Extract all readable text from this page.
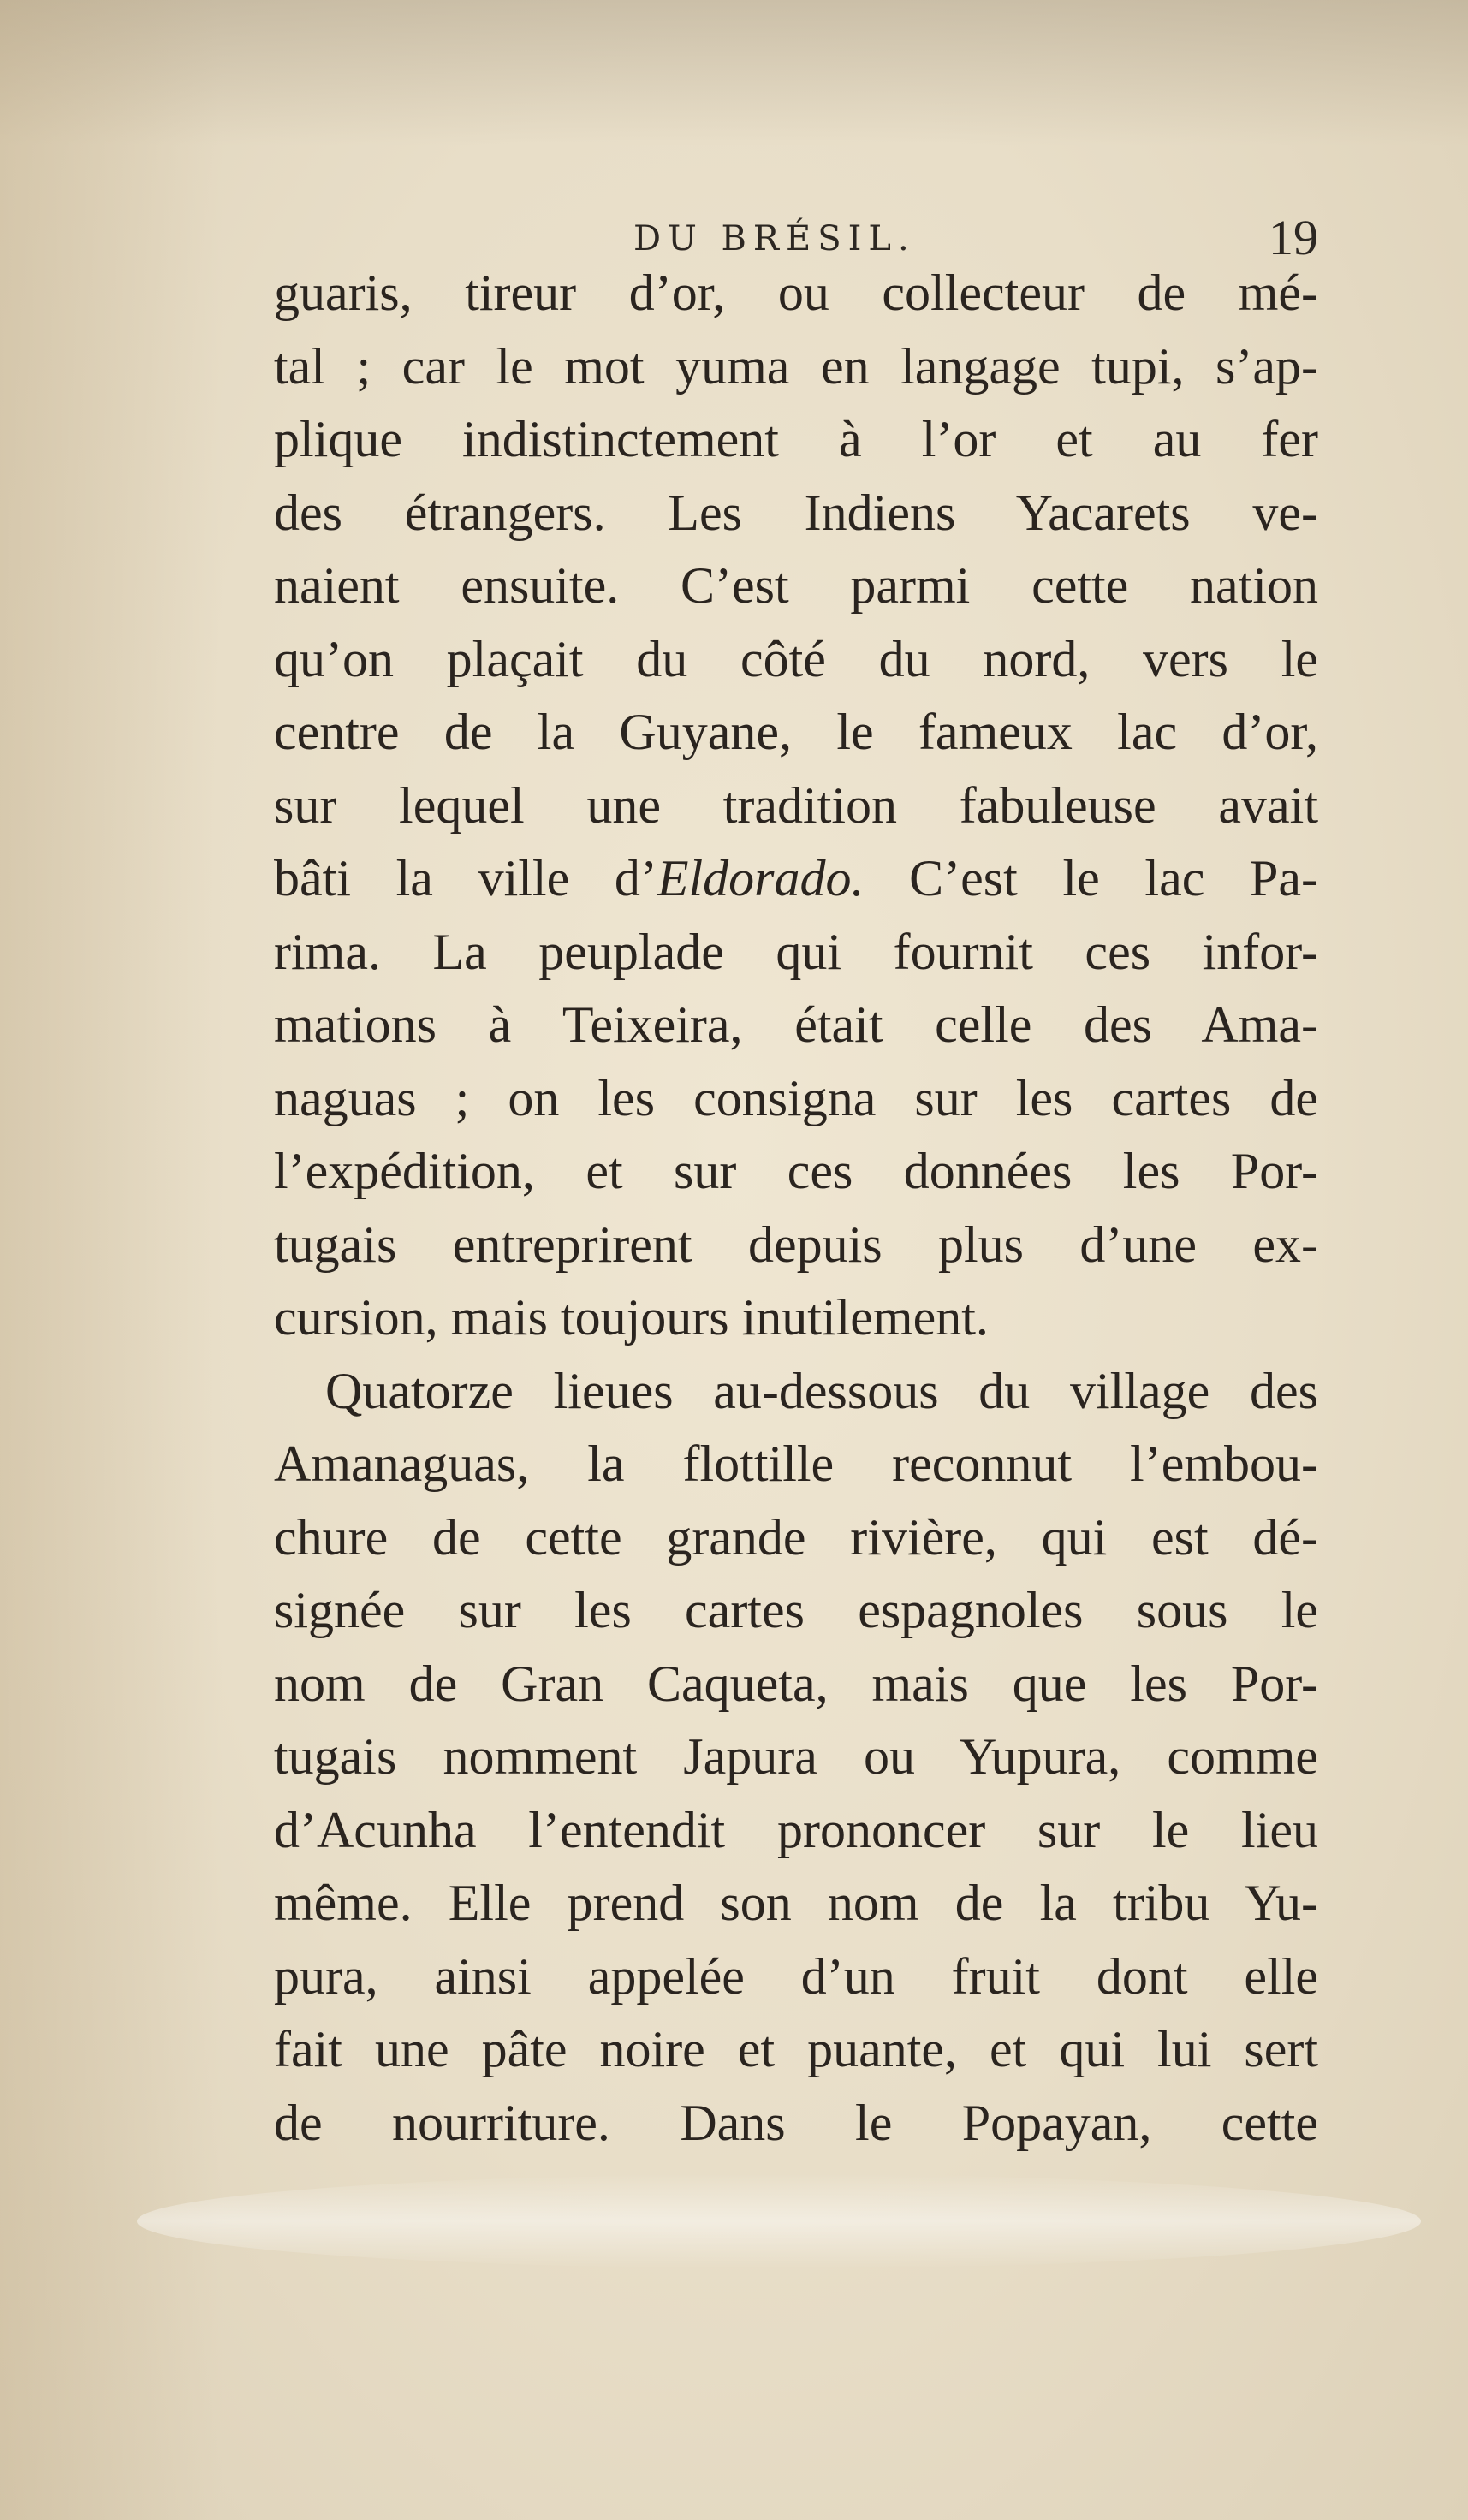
DU BRÉSIL.	19
guaris, tireur d’or, ou collecteur de mé-
tal ; car le mot yuma en langage tupi, s’ap-
plique indistinctement à l’or et au fer
des étrangers. Les Indiens Yacarets ve-
naient ensuite. C’est parmi cette nation
qu’on plaçait du côté du nord, vers le
centre de la Guyane, le fameux lac d’or,
sur lequel une tradition fabuleuse avait
bâti la ville d’Eldorado. C’est le lac Pa-
rima. La peuplade qui fournit ces infor-
mations à Teixeira, était celle des Ama-
naguas ; on les consigna sur les cartes de
l’expédition, et sur ces données les Por-
tugais entreprirent depuis plus d’une ex-
cursion, mais toujours inutilement.
Quatorze lieues au-dessous du village des
Amanaguas, la flottille reconnut l’embou-
chure de cette grande rivière, qui est dé-
signée sur les cartes espagnoles sous le
nom de Gran Caqueta, mais que les Por-
tugais nomment Japura ou Yupura, comme
d’Acunha l’entendit prononcer sur le lieu
même. Elle prend son nom de la tribu Yu-
pura, ainsi appelée d’un fruit dont elle
fait une pâte noire et puante, et qui lui sert
de nourriture. Dans le Popayan, cette
